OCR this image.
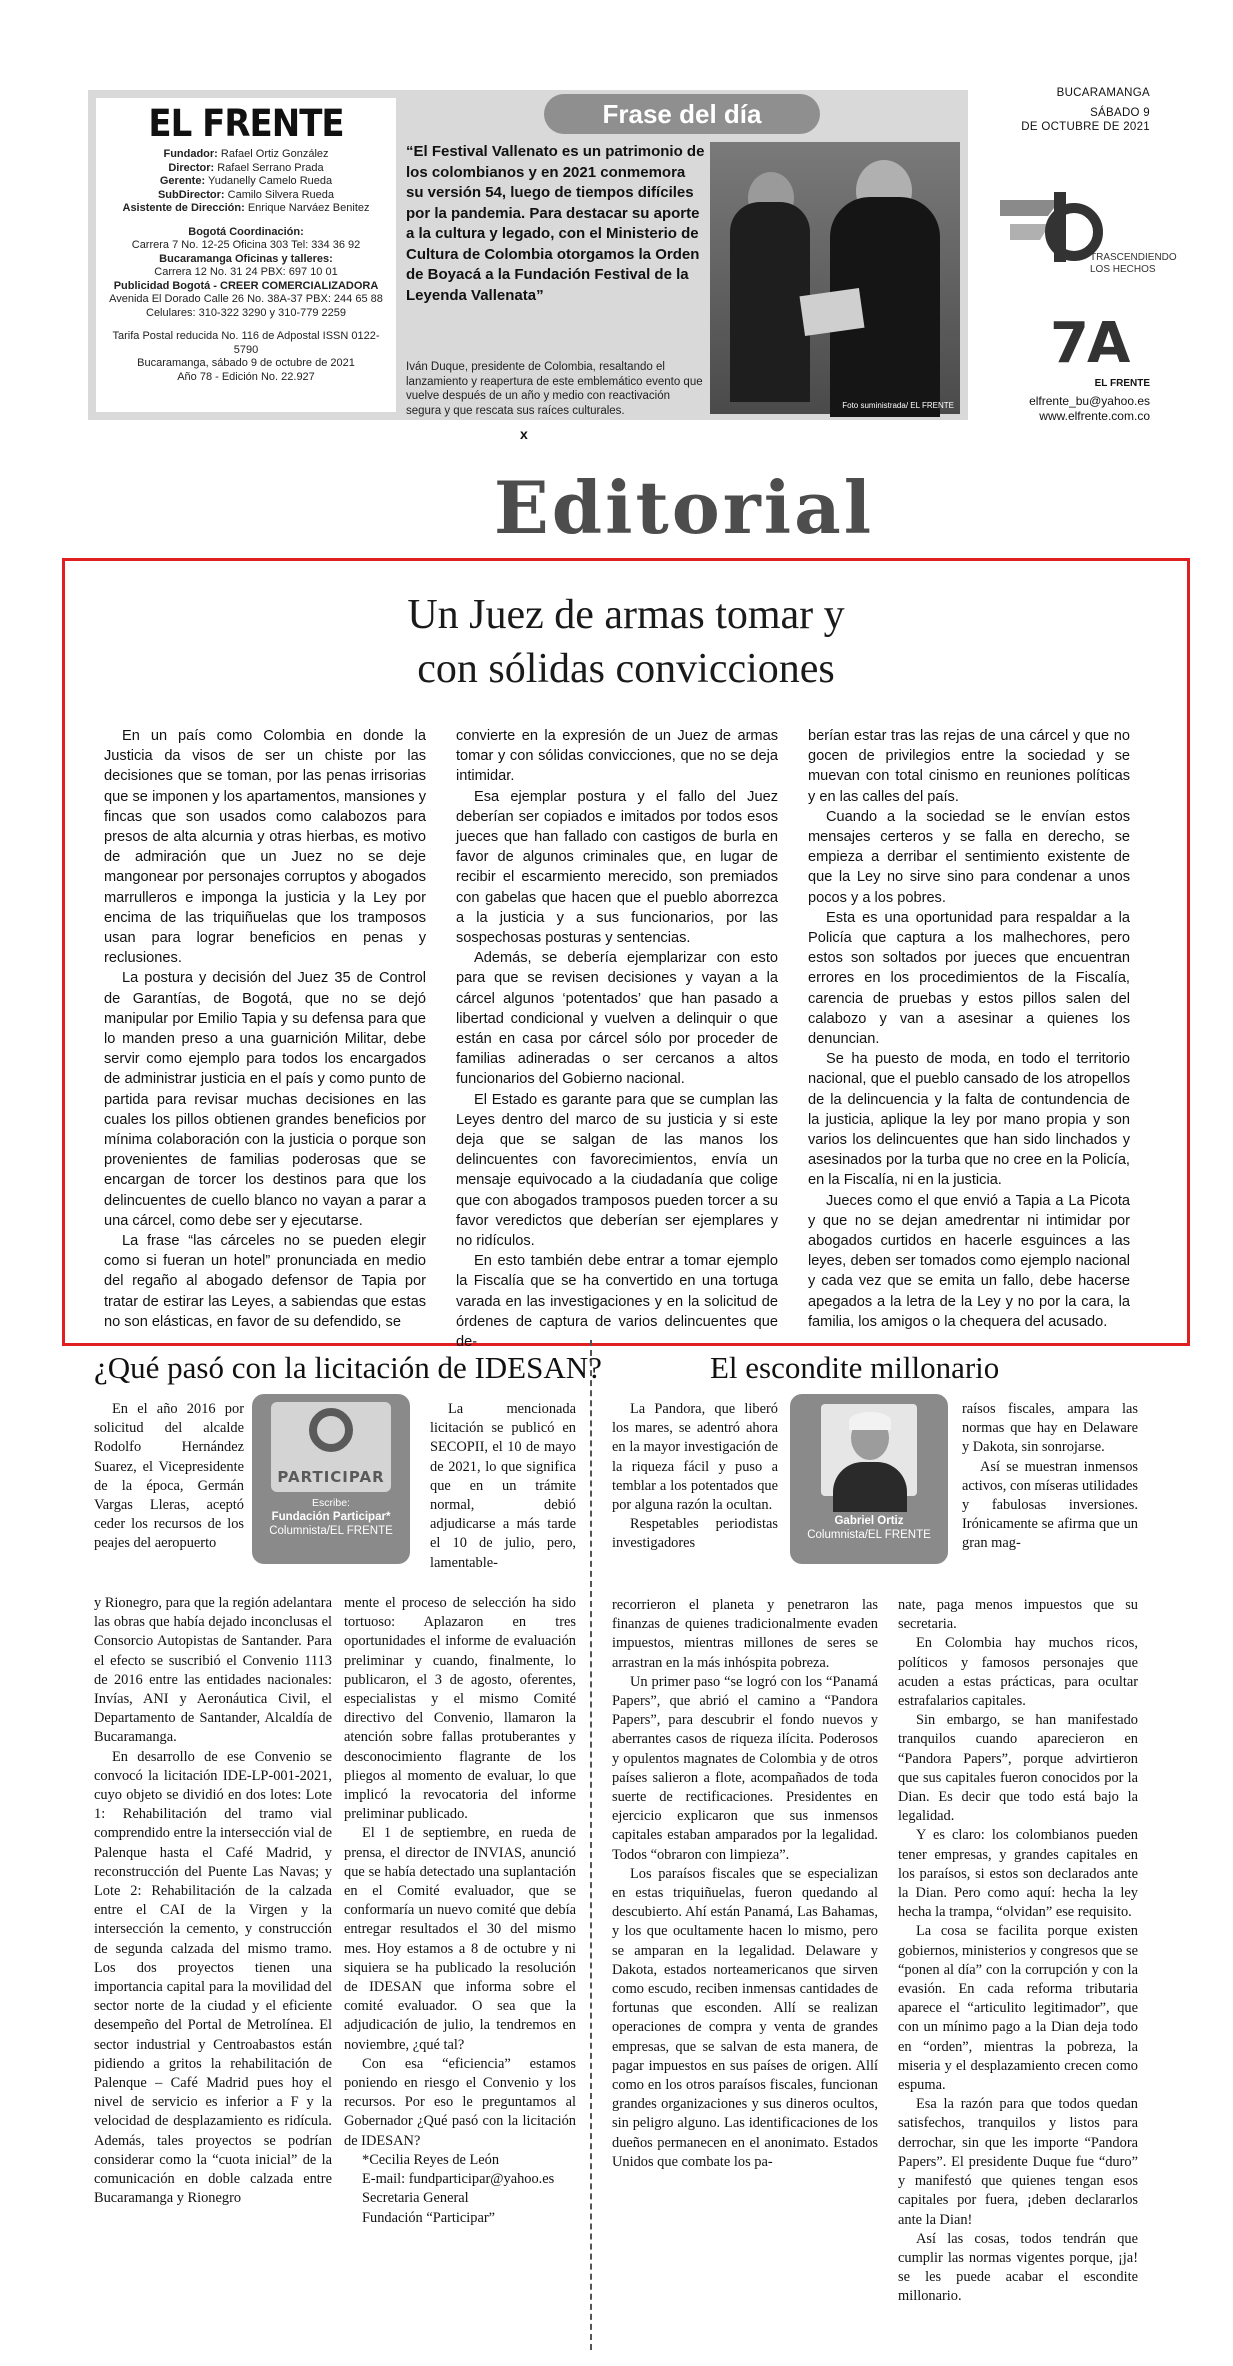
EL FRENTE
Fundador: Rafael Ortiz González
Director: Rafael Serrano Prada
Gerente: Yudanelly Camelo Rueda
SubDirector: Camilo Silvera Rueda
Asistente de Dirección: Enrique Narváez Benitez
Bogotá Coordinación:
Carrera 7 No. 12-25 Oficina 303 Tel: 334 36 92
Bucaramanga Oficinas y talleres:
Carrera 12 No. 31 24 PBX: 697 10 01
Publicidad Bogotá - CREER COMERCIALIZADORA
Avenida El Dorado Calle 26 No. 38A-37 PBX: 244 65 88
Celulares: 310-322 3290 y 310-779 2259
Tarifa Postal reducida No. 116 de Adpostal ISSN 0122-5790
Bucaramanga, sábado 9 de octubre de 2021
Año 78 - Edición No. 22.927
Frase del día
“El Festival Vallenato es un patrimonio de los colombianos y en 2021 conmemora su versión 54, luego de tiempos difíciles por la pandemia. Para destacar su aporte a la cultura y legado, con el Ministerio de Cultura de Colombia otorgamos la Orden de Boyacá a la Fundación Festival de la Leyenda Vallenata”
Iván Duque, presidente de Colombia, resaltando el lanzamiento y reapertura de este emblemático evento que vuelve después de un año y medio con reactivación segura y que rescata sus raíces culturales.	Foto suministrada/ EL FRENTE
x
BUCARAMANGA
SÁBADO 9
DE OCTUBRE DE 2021
TRASCENDIENDO
LOS HECHOS
7A
EL FRENTE
elfrente_bu@yahoo.es
www.elfrente.com.co
Editorial
Un Juez de armas tomar y
con sólidas convicciones

En un país como Colombia en donde la Justicia da visos de ser un chiste por las decisiones que se toman, por las penas irrisorias que se imponen y los apartamentos, mansiones y fincas que son usados como calabozos para presos de alta alcurnia y otras hierbas, es motivo de admiración que un Juez no se deje mangonear por personajes corruptos y abogados marrulleros e imponga la justicia y la Ley por encima de las triquiñuelas que los tramposos usan para lograr beneficios en penas y reclusiones.

La postura y decisión del Juez 35 de Control de Garantías, de Bogotá, que no se dejó manipular por Emilio Tapia y su defensa para que lo manden preso a una guarnición Militar, debe servir como ejemplo para todos los encargados de administrar justicia en el país y como punto de partida para revisar muchas decisiones en las cuales los pillos obtienen grandes beneficios por mínima colaboración con la justicia o porque son provenientes de familias poderosas que se encargan de torcer los destinos para que los delincuentes de cuello blanco no vayan a parar a una cárcel, como debe ser y ejecutarse.

La frase “las cárceles no se pueden elegir como si fueran un hotel” pronunciada en medio del regaño al abogado defensor de Tapia por tratar de estirar las Leyes, a sabiendas que estas no son elásticas, en favor de su defendido, se

convierte en la expresión de un Juez de armas tomar y con sólidas convicciones, que no se deja intimidar.

Esa ejemplar postura y el fallo del Juez deberían ser copiados e imitados por todos esos jueces que han fallado con castigos de burla en favor de algunos criminales que, en lugar de recibir el escarmiento merecido, son premiados con gabelas que hacen que el pueblo aborrezca a la justicia y a sus funcionarios, por las sospechosas posturas y sentencias.

Además, se debería ejemplarizar con esto para que se revisen decisiones y vayan a la cárcel algunos ‘potentados’ que han pasado a libertad condicional y vuelven a delinquir o que están en casa por cárcel sólo por proceder de familias adineradas o ser cercanos a altos funcionarios del Gobierno nacional.

El Estado es garante para que se cumplan las Leyes dentro del marco de su justicia y si este deja que se salgan de las manos los delincuentes con favorecimientos, envía un mensaje equivocado a la ciudadanía que colige que con abogados tramposos pueden torcer a su favor veredictos que deberían ser ejemplares y no ridículos.

En esto también debe entrar a tomar ejemplo la Fiscalía que se ha convertido en una tortuga varada en las investigaciones y en la solicitud de órdenes de captura de varios delincuentes que de-

berían estar tras las rejas de una cárcel y que no gocen de privilegios entre la sociedad y se muevan con total cinismo en reuniones políticas y en las calles del país.

Cuando a la sociedad se le envían estos mensajes certeros y se falla en derecho, se empieza a derribar el sentimiento existente de que la Ley no sirve sino para condenar a unos pocos y a los pobres.

Esta es una oportunidad para respaldar a la Policía que captura a los malhechores, pero estos son soltados por jueces que encuentran errores en los procedimientos de la Fiscalía, carencia de pruebas y estos pillos salen del calabozo y van a asesinar a quienes los denuncian.

Se ha puesto de moda, en todo el territorio nacional, que el pueblo cansado de los atropellos de la delincuencia y la falta de contundencia de la justicia, aplique la ley por mano propia y son varios los delincuentes que han sido linchados y asesinados por la turba que no cree en la Policía, en la Fiscalía, ni en la justicia.

Jueces como el que envió a Tapia a La Picota y que no se dejan amedrentar ni intimidar por abogados curtidos en hacerle esguinces a las leyes, deben ser tomados como ejemplo nacional y cada vez que se emita un fallo, debe hacerse apegados a la letra de la Ley y no por la cara, la familia, los amigos o la chequera del acusado.

¿Qué pasó con la licitación de IDESAN?
PARTICIPAR
Escribe:
Fundación Participar*
Columnista/EL FRENTE

En el año 2016 por solicitud del alcalde Rodolfo Hernández Suarez, el Vicepresidente de la época, Germán Vargas Lleras, aceptó ceder los recursos de los peajes del aeropuerto

y Rionegro, para que la región adelantara las obras que había dejado inconclusas el Consorcio Autopistas de Santander. Para el efecto se suscribió el Convenio 1113 de 2016 entre las entidades nacionales: Invías, ANI y Aeronáutica Civil, el Departamento de Santander, Alcaldía de Bucaramanga.

En desarrollo de ese Convenio se convocó la licitación IDE-LP-001-2021, cuyo objeto se dividió en dos lotes: Lote 1: Rehabilitación del tramo vial comprendido entre la intersección vial de Palenque hasta el Café Madrid, y reconstrucción del Puente Las Navas; y Lote 2: Rehabilitación de la calzada entre el CAI de la Virgen y la intersección la cemento, y construcción de segunda calzada del mismo tramo. Los dos proyectos tienen una importancia capital para la movilidad del sector norte de la ciudad y el eficiente desempeño del Portal de Metrolínea. El sector industrial y Centroabastos están pidiendo a gritos la rehabilitación de Palenque – Café Madrid pues hoy el nivel de servicio es inferior a F y la velocidad de desplazamiento es ridícula. Además, tales proyectos se podrían considerar como la “cuota inicial” de la comunicación en doble calzada entre Bucaramanga y Rionegro

La mencionada licitación se publicó en SECOPII, el 10 de mayo de 2021, lo que significa que en un trámite normal, debió adjudicarse a más tarde el 10 de julio, pero, lamentable-

mente el proceso de selección ha sido tortuoso: Aplazaron en tres oportunidades el informe de evaluación preliminar y cuando, finalmente, lo publicaron, el 3 de agosto, oferentes, especialistas y el mismo Comité directivo del Convenio, llamaron la atención sobre fallas protuberantes y desconocimiento flagrante de los pliegos al momento de evaluar, lo que implicó la revocatoria del informe preliminar publicado.

El 1 de septiembre, en rueda de prensa, el director de INVIAS, anunció que se había detectado una suplantación en el Comité evaluador, que se conformaría un nuevo comité que debía entregar resultados el 30 del mismo mes. Hoy estamos a 8 de octubre y ni siquiera se ha publicado la resolución de IDESAN que informa sobre el comité evaluador. O sea que la adjudicación de julio, la tendremos en noviembre, ¿qué tal?

Con esa “eficiencia” estamos poniendo en riesgo el Convenio y los recursos. Por eso le preguntamos al Gobernador ¿Qué pasó con la licitación de IDESAN?

*Cecilia Reyes de León

E-mail: fundparticipar@yahoo.es

Secretaria General

Fundación “Participar”

El escondite millonario
Gabriel Ortiz
Columnista/EL FRENTE

La Pandora, que liberó los mares, se adentró ahora en la mayor investigación de la riqueza fácil y puso a temblar a los potentados que por alguna razón la ocultan.

Respetables periodistas investigadores

recorrieron el planeta y penetraron las finanzas de quienes tradicionalmente evaden impuestos, mientras millones de seres se arrastran en la más inhóspita pobreza.

Un primer paso “se logró con los “Panamá Papers”, que abrió el camino a “Pandora Papers”, para descubrir el fondo nuevos y aberrantes casos de riqueza ilícita. Poderosos y opulentos magnates de Colombia y de otros países salieron a flote, acompañados de toda suerte de rectificaciones. Presidentes en ejercicio explicaron que sus inmensos capitales estaban amparados por la legalidad. Todos “obraron con limpieza”.

Los paraísos fiscales que se especializan en estas triquiñuelas, fueron quedando al descubierto. Ahí están Panamá, Las Bahamas, y los que ocultamente hacen lo mismo, pero se amparan en la legalidad. Delaware y Dakota, estados norteamericanos que sirven como escudo, reciben inmensas cantidades de fortunas que esconden. Allí se realizan operaciones de compra y venta de grandes empresas, que se salvan de esta manera, de pagar impuestos en sus países de origen. Allí como en los otros paraísos fiscales, funcionan grandes organizaciones y sus dineros ocultos, sin peligro alguno. Las identificaciones de los dueños permanecen en el anonimato. Estados Unidos que combate los pa-

raísos fiscales, ampara las normas que hay en Delaware y Dakota, sin sonrojarse.

Así se muestran inmensos activos, con míseras utilidades y fabulosas inversiones. Irónicamente se afirma que un gran mag-

nate, paga menos impuestos que su secretaria.

En Colombia hay muchos ricos, políticos y famosos personajes que acuden a estas prácticas, para ocultar estrafalarios capitales.

Sin embargo, se han manifestado tranquilos cuando aparecieron en “Pandora Papers”, porque advirtieron que sus capitales fueron conocidos por la Dian. Es decir que todo está bajo la legalidad.

Y es claro: los colombianos pueden tener empresas, y grandes capitales en los paraísos, si estos son declarados ante la Dian. Pero como aquí: hecha la ley hecha la trampa, “olvidan” ese requisito.

La cosa se facilita porque existen gobiernos, ministerios y congresos que se “ponen al día” con la corrupción y con la evasión. En cada reforma tributaria aparece el “articulito legitimador”, que con un mínimo pago a la Dian deja todo en “orden”, mientras la pobreza, la miseria y el desplazamiento crecen como espuma.

Esa la razón para que todos quedan satisfechos, tranquilos y listos para derrochar, sin que les importe “Pandora Papers”. El presidente Duque fue “duro” y manifestó que quienes tengan esos capitales por fuera, ¡deben declararlos ante la Dian!

Así las cosas, todos tendrán que cumplir las normas vigentes porque, ¡ja! se les puede acabar el escondite millonario.
